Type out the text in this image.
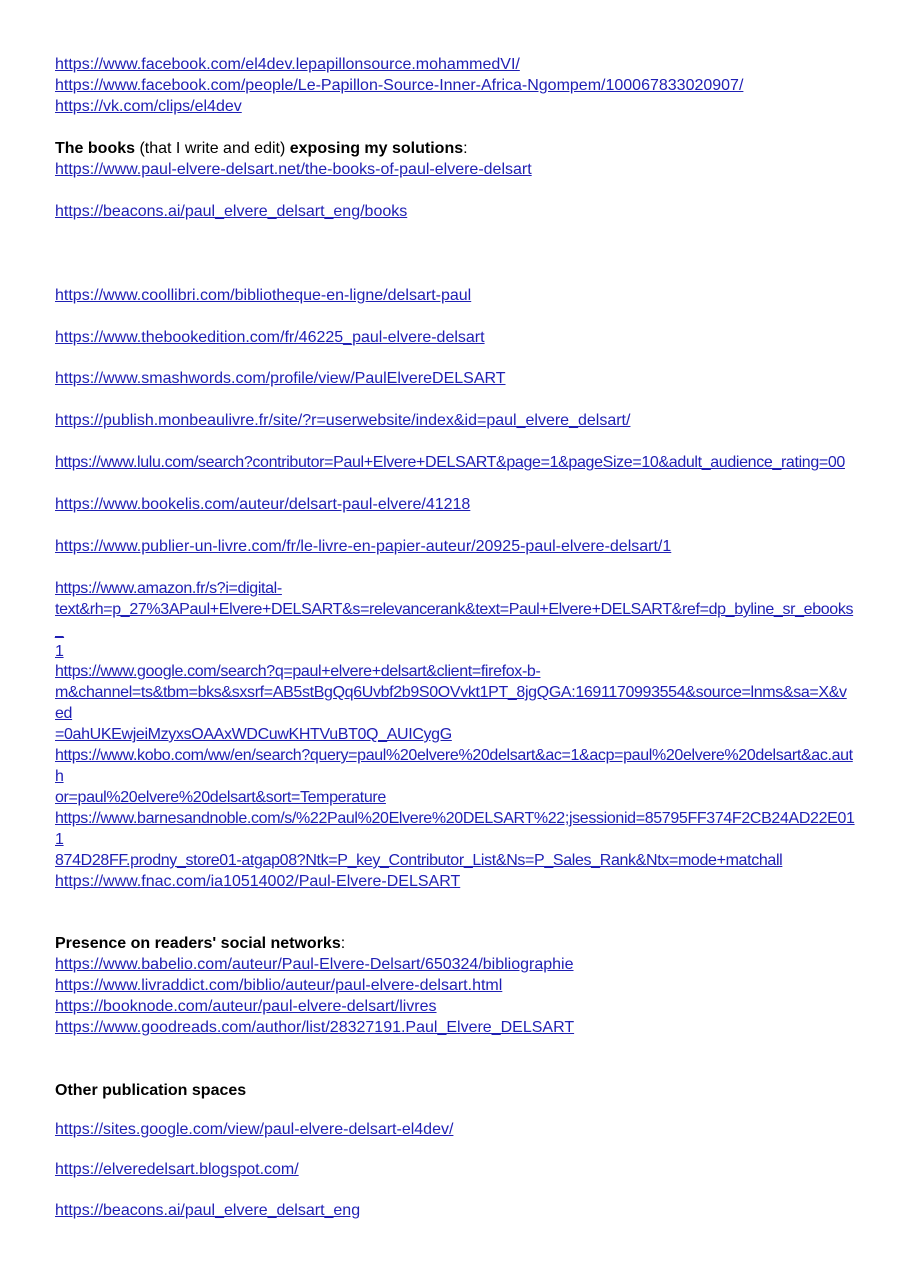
https://www.facebook.com/el4dev.lepapillonsource.mohammedVI/
https://www.facebook.com/people/Le-Papillon-Source-Inner-Africa-Ngompem/100067833020907/
https://vk.com/clips/el4dev
The books (that I write and edit) exposing my solutions:
https://www.paul-elvere-delsart.net/the-books-of-paul-elvere-delsart
https://beacons.ai/paul_elvere_delsart_eng/books
https://www.coollibri.com/bibliotheque-en-ligne/delsart-paul
https://www.thebookedition.com/fr/46225_paul-elvere-delsart
https://www.smashwords.com/profile/view/PaulElvereDELSART
https://publish.monbeaulivre.fr/site/?r=userwebsite/index&id=paul_elvere_delsart/
https://www.lulu.com/search?contributor=Paul+Elvere+DELSART&page=1&pageSize=10&adult_audience_rating=00
https://www.bookelis.com/auteur/delsart-paul-elvere/41218
https://www.publier-un-livre.com/fr/le-livre-en-papier-auteur/20925-paul-elvere-delsart/1
https://www.amazon.fr/s?i=digital-
text&rh=p_27%3APaul+Elvere+DELSART&s=relevancerank&text=Paul+Elvere+DELSART&ref=dp_byline_sr_ebooks_
1
https://www.google.com/search?q=paul+elvere+delsart&client=firefox-b-
m&channel=ts&tbm=bks&sxsrf=AB5stBgQq6Uvbf2b9S0OVvkt1PT_8jgQGA:1691170993554&source=lnms&sa=X&ved
=0ahUKEwjeiMzyxsOAAxWDCuwKHTVuBT0Q_AUICygG
https://www.kobo.com/ww/en/search?query=paul%20elvere%20delsart&ac=1&acp=paul%20elvere%20delsart&ac.auth
or=paul%20elvere%20delsart&sort=Temperature
https://www.barnesandnoble.com/s/%22Paul%20Elvere%20DELSART%22;jsessionid=85795FF374F2CB24AD22E011
874D28FF.prodny_store01-atgap08?Ntk=P_key_Contributor_List&Ns=P_Sales_Rank&Ntx=mode+matchall
https://www.fnac.com/ia10514002/Paul-Elvere-DELSART
Presence on readers' social networks:
https://www.babelio.com/auteur/Paul-Elvere-Delsart/650324/bibliographie
https://www.livraddict.com/biblio/auteur/paul-elvere-delsart.html
https://booknode.com/auteur/paul-elvere-delsart/livres
https://www.goodreads.com/author/list/28327191.Paul_Elvere_DELSART
Other publication spaces
https://sites.google.com/view/paul-elvere-delsart-el4dev/
https://elveredelsart.blogspot.com/
https://beacons.ai/paul_elvere_delsart_eng
